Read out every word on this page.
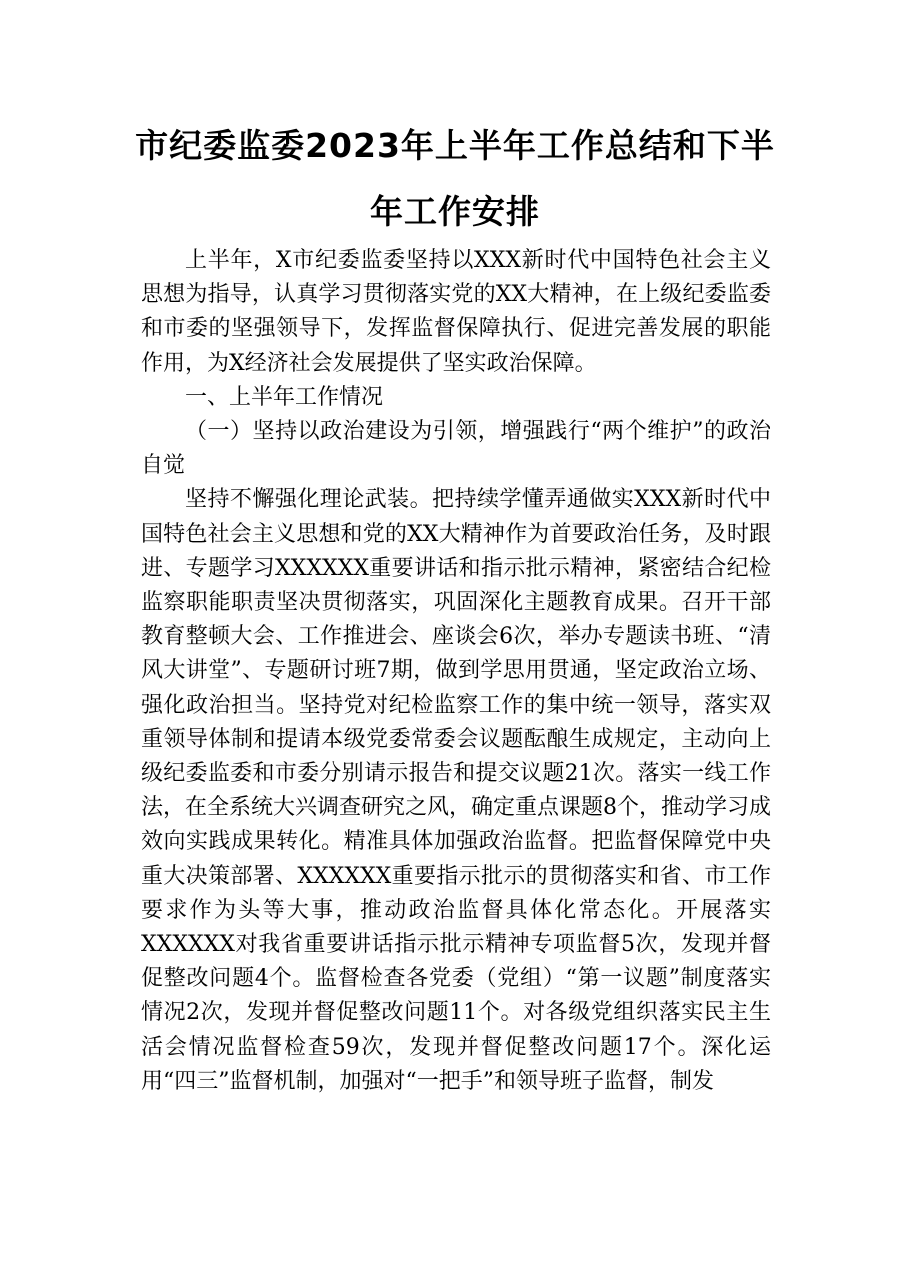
市纪委监委2023年上半年工作总结和下半
年工作安排

上半年，X市纪委监委坚持以XXX新时代中国特色社会主义思想为指导，认真学习贯彻落实党的XX大精神，在上级纪委监委和市委的坚强领导下，发挥监督保障执行、促进完善发展的职能作用，为X经济社会发展提供了坚实政治保障。

一、上半年工作情况

（一）坚持以政治建设为引领，增强践行“两个维护”的政治自觉

坚持不懈强化理论武装。把持续学懂弄通做实XXX新时代中国特色社会主义思想和党的XX大精神作为首要政治任务，及时跟进、专题学习XXXXXX重要讲话和指示批示精神，紧密结合纪检监察职能职责坚决贯彻落实，巩固深化主题教育成果。召开干部教育整顿大会、工作推进会、座谈会6次，举办专题读书班、“清风大讲堂”、专题研讨班7期，做到学思用贯通，坚定政治立场、强化政治担当。坚持党对纪检监察工作的集中统一领导，落实双重领导体制和提请本级党委常委会议题酝酿生成规定，主动向上级纪委监委和市委分别请示报告和提交议题21次。落实一线工作法，在全系统大兴调查研究之风，确定重点课题8个，推动学习成效向实践成果转化。精准具体加强政治监督。把监督保障党中央重大决策部署、XXXXXX重要指示批示的贯彻落实和省、市工作要求作为头等大事，推动政治监督具体化常态化。开展落实XXXXXX对我省重要讲话指示批示精神专项监督5次，发现并督促整改问题4个。监督检查各党委（党组）“第一议题”制度落实情况2次，发现并督促整改问题11个。对各级党组织落实民主生活会情况监督检查59次，发现并督促整改问题17个。深化运用“四三”监督机制，加强对“一把手”和领导班子监督，制发
